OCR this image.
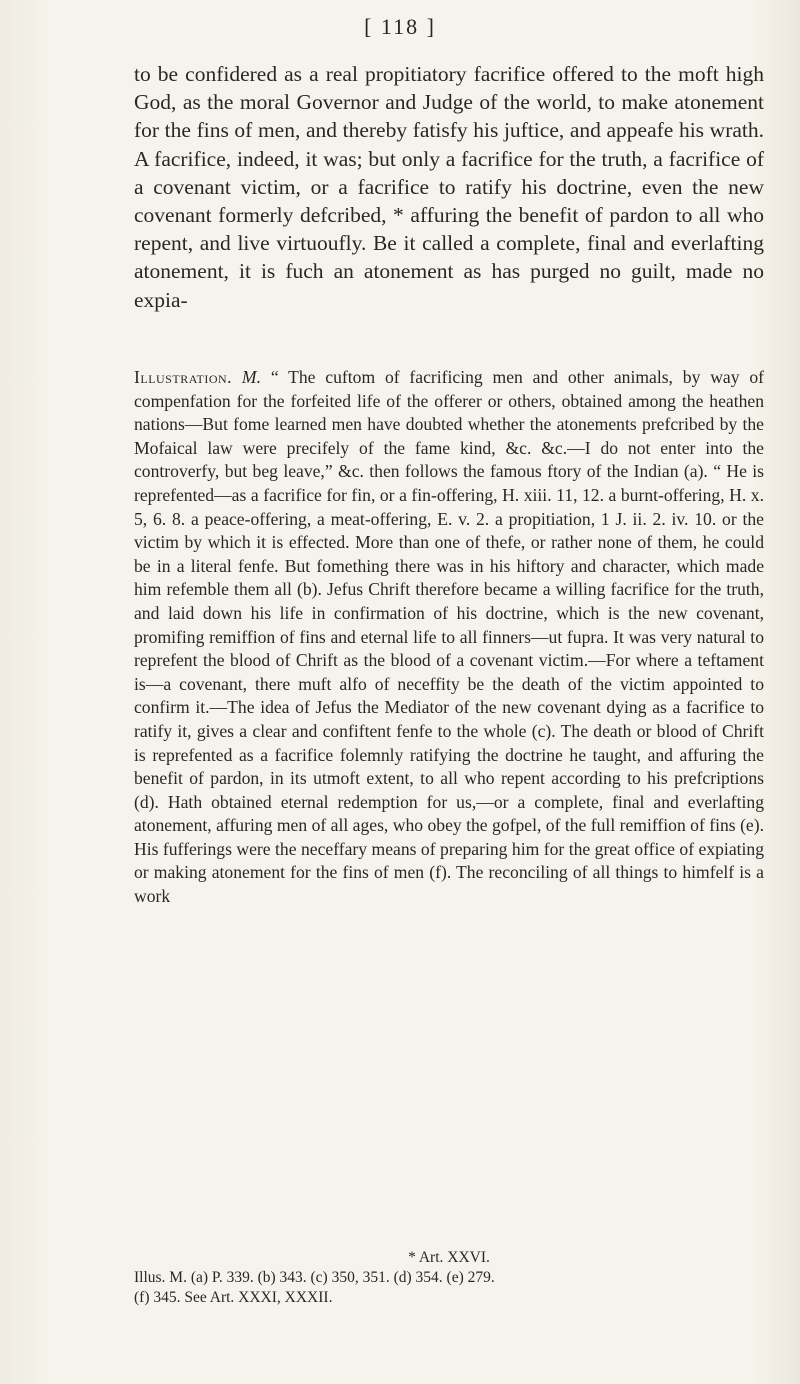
[ 118 ]

to be confidered as a real propitiatory facrifice offered to the moft high God, as the moral Governor and Judge of the world, to make atonement for the fins of men, and thereby fatisfy his juftice, and appeafe his wrath. A facrifice, indeed, it was; but only a facrifice for the truth, a facrifice of a covenant victim, or a facrifice to ratify his doctrine, even the new covenant formerly defcribed, * affuring the benefit of pardon to all who repent, and live virtuoufly. Be it called a complete, final and everlafting atonement, it is fuch an atonement as has purged no guilt, made no expia-

Illustration. M. “ The cuftom of facrificing men and other animals, by way of compenfation for the forfeited life of the offerer or others, obtained among the heathen nations—But fome learned men have doubted whether the atonements prefcribed by the Mofaical law were precifely of the fame kind, &c. &c.—I do not enter into the controverfy, but beg leave,” &c. then follows the famous ftory of the Indian (a). “ He is reprefented—as a facrifice for fin, or a fin-offering, H. xiii. 11, 12. a burnt-offering, H. x. 5, 6. 8. a peace-offering, a meat-offering, E. v. 2. a propitiation, 1 J. ii. 2. iv. 10. or the victim by which it is effected. More than one of thefe, or rather none of them, he could be in a literal fenfe. But fomething there was in his hiftory and character, which made him refemble them all (b). Jefus Chrift therefore became a willing facrifice for the truth, and laid down his life in confirmation of his doctrine, which is the new covenant, promifing remiffion of fins and eternal life to all finners—ut fupra. It was very natural to reprefent the blood of Chrift as the blood of a covenant victim.—For where a teftament is—a covenant, there muft alfo of neceffity be the death of the victim appointed to confirm it.—The idea of Jefus the Mediator of the new covenant dying as a facrifice to ratify it, gives a clear and confiftent fenfe to the whole (c). The death or blood of Chrift is reprefented as a facrifice folemnly ratifying the doctrine he taught, and affuring the benefit of pardon, in its utmoft extent, to all who repent according to his prefcriptions (d). Hath obtained eternal redemption for us,—or a complete, final and everlafting atonement, affuring men of all ages, who obey the gofpel, of the full remiffion of fins (e). His fufferings were the neceffary means of preparing him for the great office of expiating or making atonement for the fins of men (f). The reconciling of all things to himfelf is a work

* Art. XXVI.
Illus. M. (a) P. 339. (b) 343. (c) 350, 351. (d) 354. (e) 279.
(f) 345. See Art. XXXI, XXXII.
